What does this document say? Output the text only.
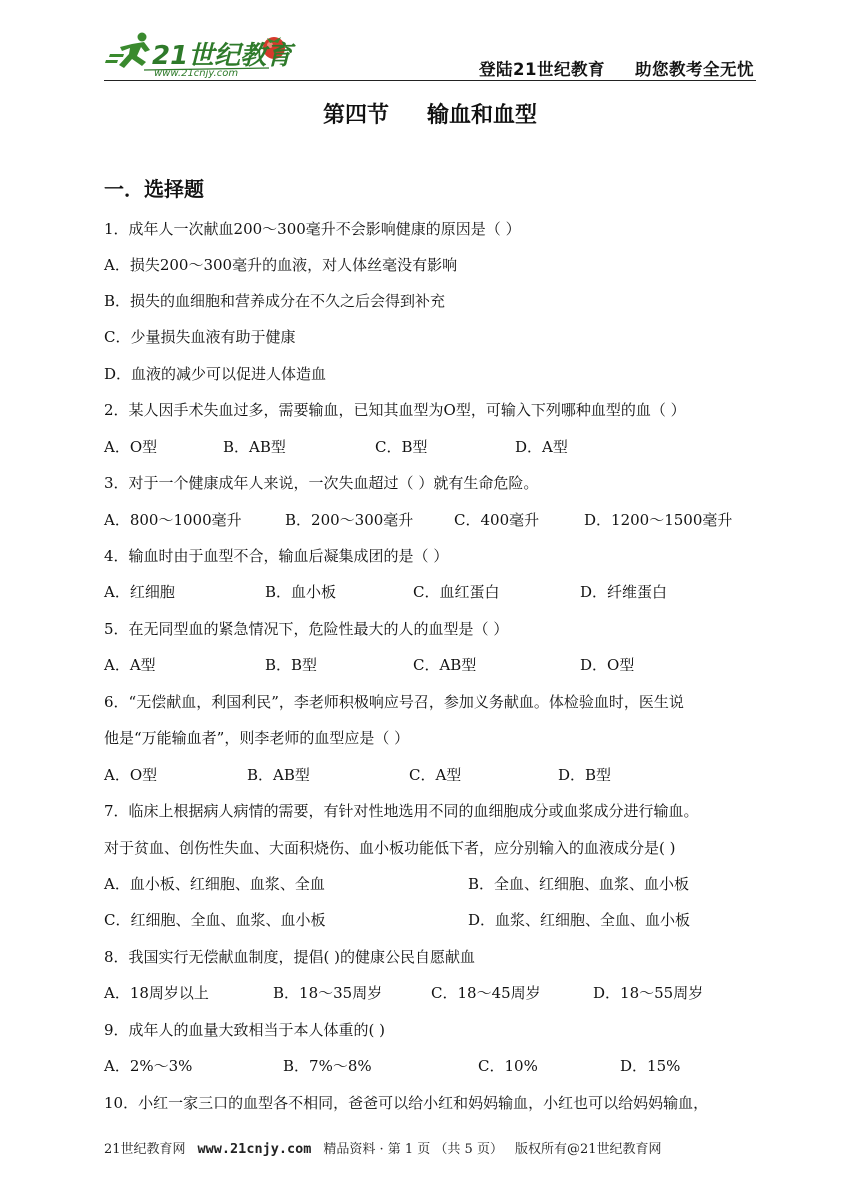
21世纪教育
www.21cnjy.com	登陆21世纪教育 助您教考全无忧
第四节 输血和血型
一．选择题
1．成年人一次献血200～300毫升不会影响健康的原因是（ ）
A．损失200～300毫升的血液，对人体丝毫没有影响
B．损失的血细胞和营养成分在不久之后会得到补充
C．少量损失血液有助于健康
D．血液的减少可以促进人体造血
2．某人因手术失血过多，需要输血，已知其血型为O型，可输入下列哪种血型的血（ ）
A．O型	B．AB型	C．B型	D．A型
3．对于一个健康成年人来说，一次失血超过（ ）就有生命危险。
A．800～1000毫升	B．200～300毫升	C．400毫升	D．1200～1500毫升
4．输血时由于血型不合，输血后凝集成团的是（ ）
A．红细胞	B．血小板	C．血红蛋白	D．纤维蛋白
5．在无同型血的紧急情况下，危险性最大的人的血型是（ ）
A．A型	B．B型	C．AB型	D．O型
6．“无偿献血，利国利民”，李老师积极响应号召，参加义务献血。体检验血时，医生说
他是“万能输血者”，则李老师的血型应是（ ）
A．O型	B．AB型	C．A型	D．B型
7．临床上根据病人病情的需要，有针对性地选用不同的血细胞成分或血浆成分进行输血。
对于贫血、创伤性失血、大面积烧伤、血小板功能低下者，应分别输入的血液成分是( )
A．血小板、红细胞、血浆、全血	B．全血、红细胞、血浆、血小板
C．红细胞、全血、血浆、血小板	D．血浆、红细胞、全血、血小板
8．我国实行无偿献血制度，提倡( )的健康公民自愿献血
A．18周岁以上	B．18～35周岁	C．18～45周岁	D．18～55周岁
9．成年人的血量大致相当于本人体重的( )
A．2%～3%	B．7%～8%	C．10%	D．15%
10．小红一家三口的血型各不相同，爸爸可以给小红和妈妈输血，小红也可以给妈妈输血，
21世纪教育网 www.21cnjy.com 精品资料 · 第 1 页 （共 5 页） 版权所有@21世纪教育网
